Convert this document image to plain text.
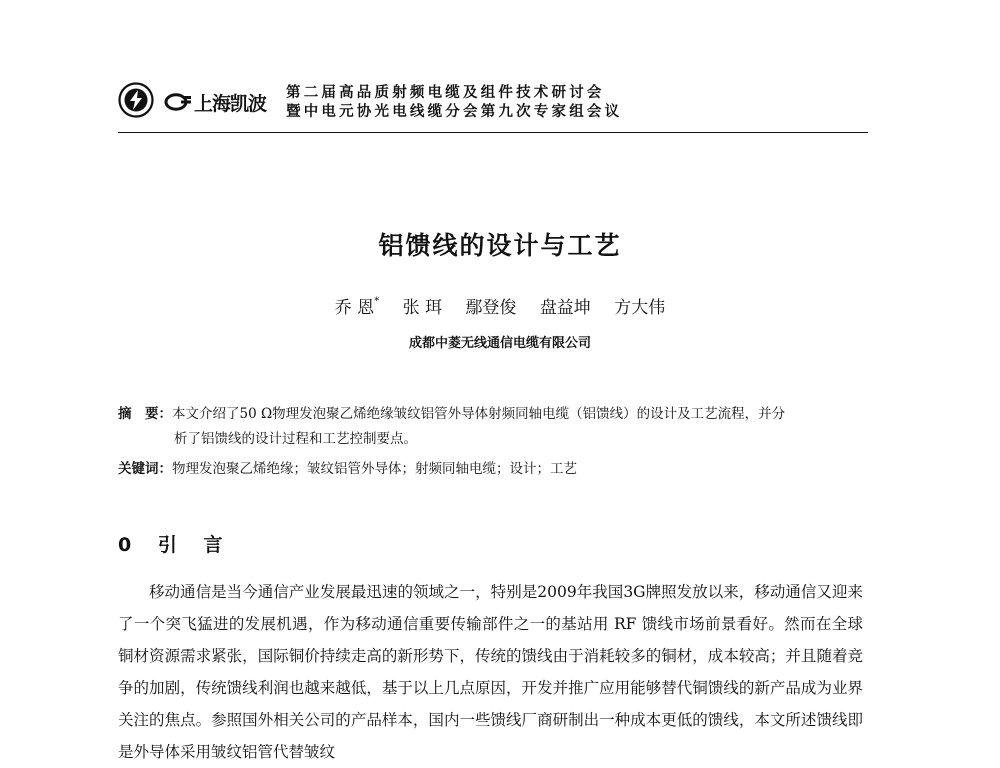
上海凯波 第二届高品质射频电缆及组件技术研讨会
暨中电元协光电线缆分会第九次专家组会议
铝馈线的设计与工艺
乔 恩* 张 珥 鄢登俊 盘益坤 方大伟
成都中菱无线通信电缆有限公司
摘　要：本文介绍了50 Ω物理发泡聚乙烯绝缘皱纹铝管外导体射频同轴电缆（铝馈线）的设计及工艺流程，并分
析了铝馈线的设计过程和工艺控制要点。
关键词：物理发泡聚乙烯绝缘；皱纹铝管外导体；射频同轴电缆；设计；工艺
0 引 言

移动通信是当今通信产业发展最迅速的领域之一，特别是2009年我国3G牌照发放以来，移动通信又迎来了一个突飞猛进的发展机遇，作为移动通信重要传输部件之一的基站用 RF 馈线市场前景看好。然而在全球铜材资源需求紧张，国际铜价持续走高的新形势下，传统的馈线由于消耗较多的铜材，成本较高；并且随着竞争的加剧，传统馈线利润也越来越低，基于以上几点原因，开发并推广应用能够替代铜馈线的新产品成为业界关注的焦点。参照国外相关公司的产品样本，国内一些馈线厂商研制出一种成本更低的馈线，本文所述馈线即是外导体采用皱纹铝管代替皱纹
